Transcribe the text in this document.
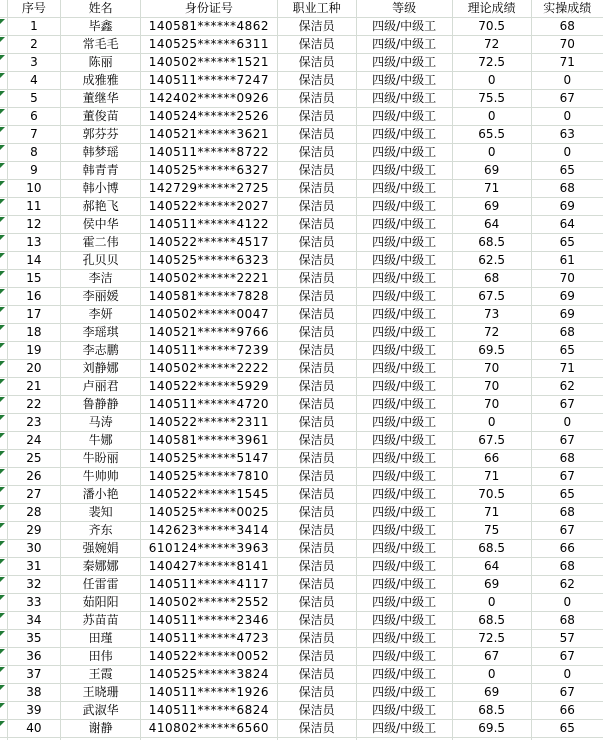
	序号	姓名	身份证号	职业工种	等级	理论成绩	实操成绩

	1	毕鑫	140581******4862	保洁员	四级/中级工	70.5	68

	2	常毛毛	140525******6311	保洁员	四级/中级工	72	70

	3	陈丽	140502******1521	保洁员	四级/中级工	72.5	71

	4	成雅雅	140511******7247	保洁员	四级/中级工	0	0

	5	董继华	142402******0926	保洁员	四级/中级工	75.5	67

	6	董俊苗	140524******2526	保洁员	四级/中级工	0	0

	7	郭芬芬	140521******3621	保洁员	四级/中级工	65.5	63

	8	韩梦瑶	140511******8722	保洁员	四级/中级工	0	0

	9	韩青青	140525******6327	保洁员	四级/中级工	69	65

	10	韩小博	142729******2725	保洁员	四级/中级工	71	68

	11	郝艳飞	140522******2027	保洁员	四级/中级工	69	69

	12	侯中华	140511******4122	保洁员	四级/中级工	64	64

	13	霍二伟	140522******4517	保洁员	四级/中级工	68.5	65

	14	孔贝贝	140525******6323	保洁员	四级/中级工	62.5	61

	15	李洁	140502******2221	保洁员	四级/中级工	68	70

	16	李丽媛	140581******7828	保洁员	四级/中级工	67.5	69

	17	李妍	140502******0047	保洁员	四级/中级工	73	69

	18	李瑶琪	140521******9766	保洁员	四级/中级工	72	68

	19	李志鹏	140511******7239	保洁员	四级/中级工	69.5	65

	20	刘静娜	140502******2222	保洁员	四级/中级工	70	71

	21	卢丽君	140522******5929	保洁员	四级/中级工	70	62

	22	鲁静静	140511******4720	保洁员	四级/中级工	70	67

	23	马涛	140522******2311	保洁员	四级/中级工	0	0

	24	牛娜	140581******3961	保洁员	四级/中级工	67.5	67

	25	牛盼丽	140525******5147	保洁员	四级/中级工	66	68

	26	牛帅帅	140525******7810	保洁员	四级/中级工	71	67

	27	潘小艳	140522******1545	保洁员	四级/中级工	70.5	65

	28	裴知	140525******0025	保洁员	四级/中级工	71	68

	29	齐东	142623******3414	保洁员	四级/中级工	75	67

	30	强婉娟	610124******3963	保洁员	四级/中级工	68.5	66

	31	秦娜娜	140427******8141	保洁员	四级/中级工	64	68

	32	任雷雷	140511******4117	保洁员	四级/中级工	69	62

	33	茹阳阳	140502******2552	保洁员	四级/中级工	0	0

	34	苏苗苗	140511******2346	保洁员	四级/中级工	68.5	68

	35	田瑾	140511******4723	保洁员	四级/中级工	72.5	57

	36	田伟	140522******0052	保洁员	四级/中级工	67	67

	37	王霞	140525******3824	保洁员	四级/中级工	0	0

	38	王晓珊	140511******1926	保洁员	四级/中级工	69	67

	39	武淑华	140511******6824	保洁员	四级/中级工	68.5	66

	40	谢静	410802******6560	保洁员	四级/中级工	69.5	65
